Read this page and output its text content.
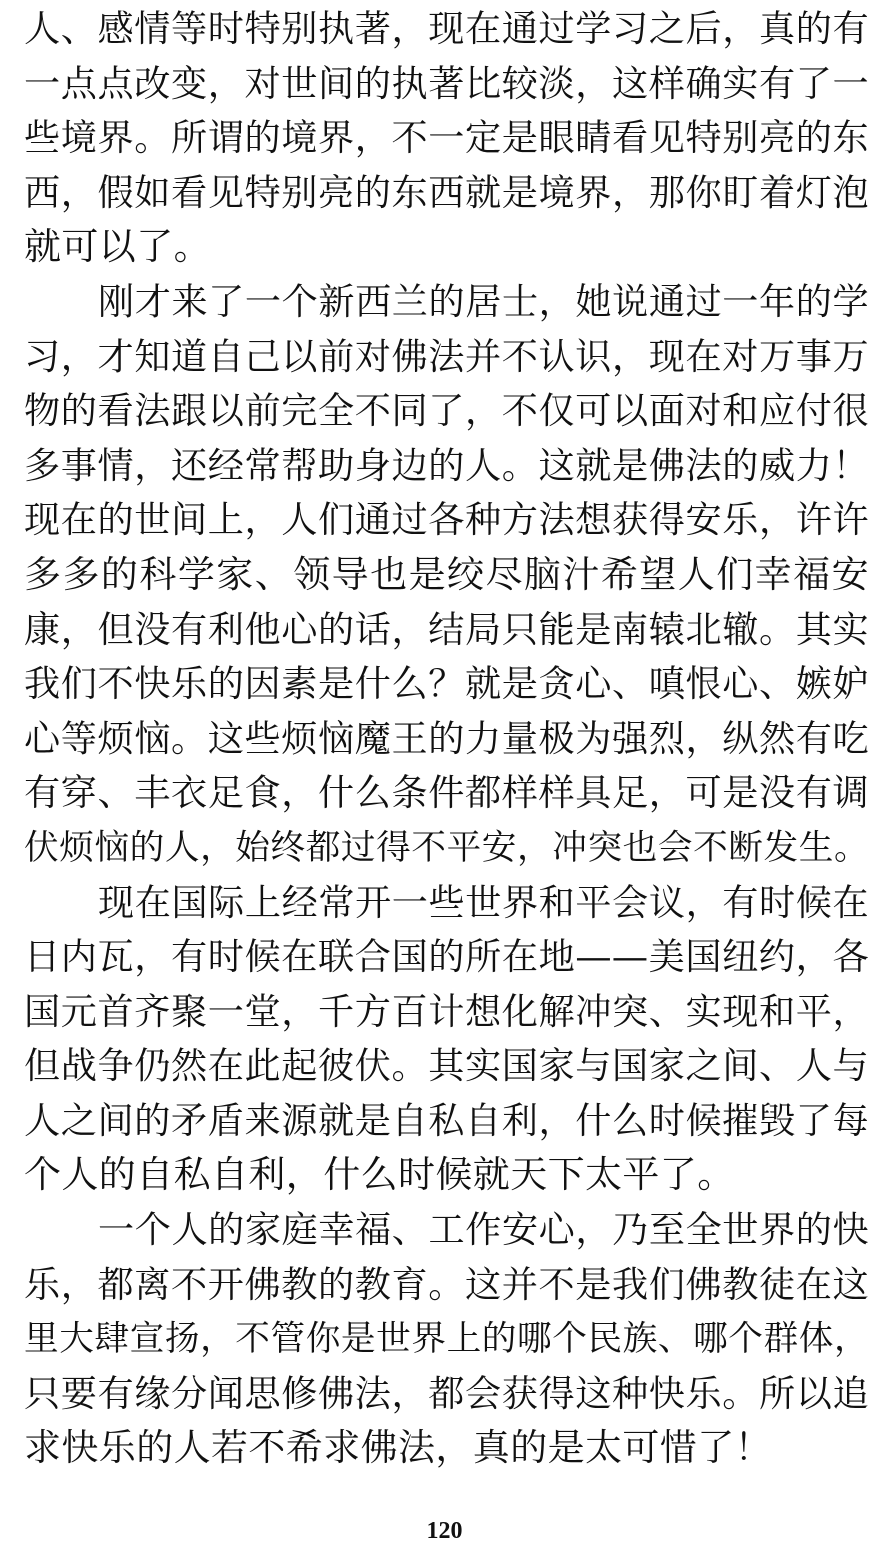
人、感情等时特别执著，现在通过学习之后，真的有
一点点改变，对世间的执著比较淡，这样确实有了一
些境界。所谓的境界，不一定是眼睛看见特别亮的东
西，假如看见特别亮的东西就是境界，那你盯着灯泡
就可以了。
刚才来了一个新西兰的居士，她说通过一年的学
习，才知道自己以前对佛法并不认识，现在对万事万
物的看法跟以前完全不同了，不仅可以面对和应付很
多事情，还经常帮助身边的人。这就是佛法的威力！
现在的世间上，人们通过各种方法想获得安乐，许许
多多的科学家、领导也是绞尽脑汁希望人们幸福安
康，但没有利他心的话，结局只能是南辕北辙。其实
我们不快乐的因素是什么？就是贪心、嗔恨心、嫉妒
心等烦恼。这些烦恼魔王的力量极为强烈，纵然有吃
有穿、丰衣足食，什么条件都样样具足，可是没有调
伏烦恼的人，始终都过得不平安，冲突也会不断发生。
现在国际上经常开一些世界和平会议，有时候在
日内瓦，有时候在联合国的所在地——美国纽约，各
国元首齐聚一堂，千方百计想化解冲突、实现和平，
但战争仍然在此起彼伏。其实国家与国家之间、人与
人之间的矛盾来源就是自私自利，什么时候摧毁了每
个人的自私自利，什么时候就天下太平了。
一个人的家庭幸福、工作安心，乃至全世界的快
乐，都离不开佛教的教育。这并不是我们佛教徒在这
里大肆宣扬，不管你是世界上的哪个民族、哪个群体，
只要有缘分闻思修佛法，都会获得这种快乐。所以追
求快乐的人若不希求佛法，真的是太可惜了！
120
